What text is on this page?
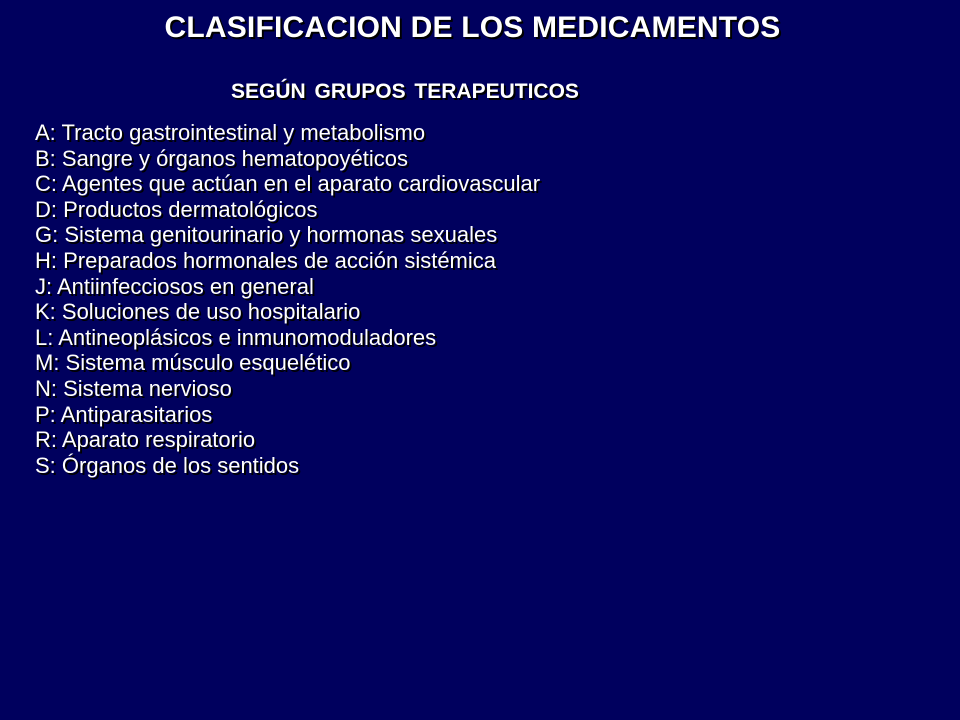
CLASIFICACION DE LOS MEDICAMENTOS
SEGÚN GRUPOS TERAPEUTICOS
A: Tracto gastrointestinal y metabolismo
B: Sangre y órganos hematopoyéticos
C: Agentes que actúan en el aparato cardiovascular
D: Productos dermatológicos
G: Sistema genitourinario y hormonas sexuales
H: Preparados hormonales de acción sistémica
J: Antiinfecciosos en general
K: Soluciones de uso hospitalario
L: Antineoplásicos e inmunomoduladores
M: Sistema músculo esquelético
N: Sistema nervioso
P: Antiparasitarios
R: Aparato respiratorio
S: Órganos de los sentidos
